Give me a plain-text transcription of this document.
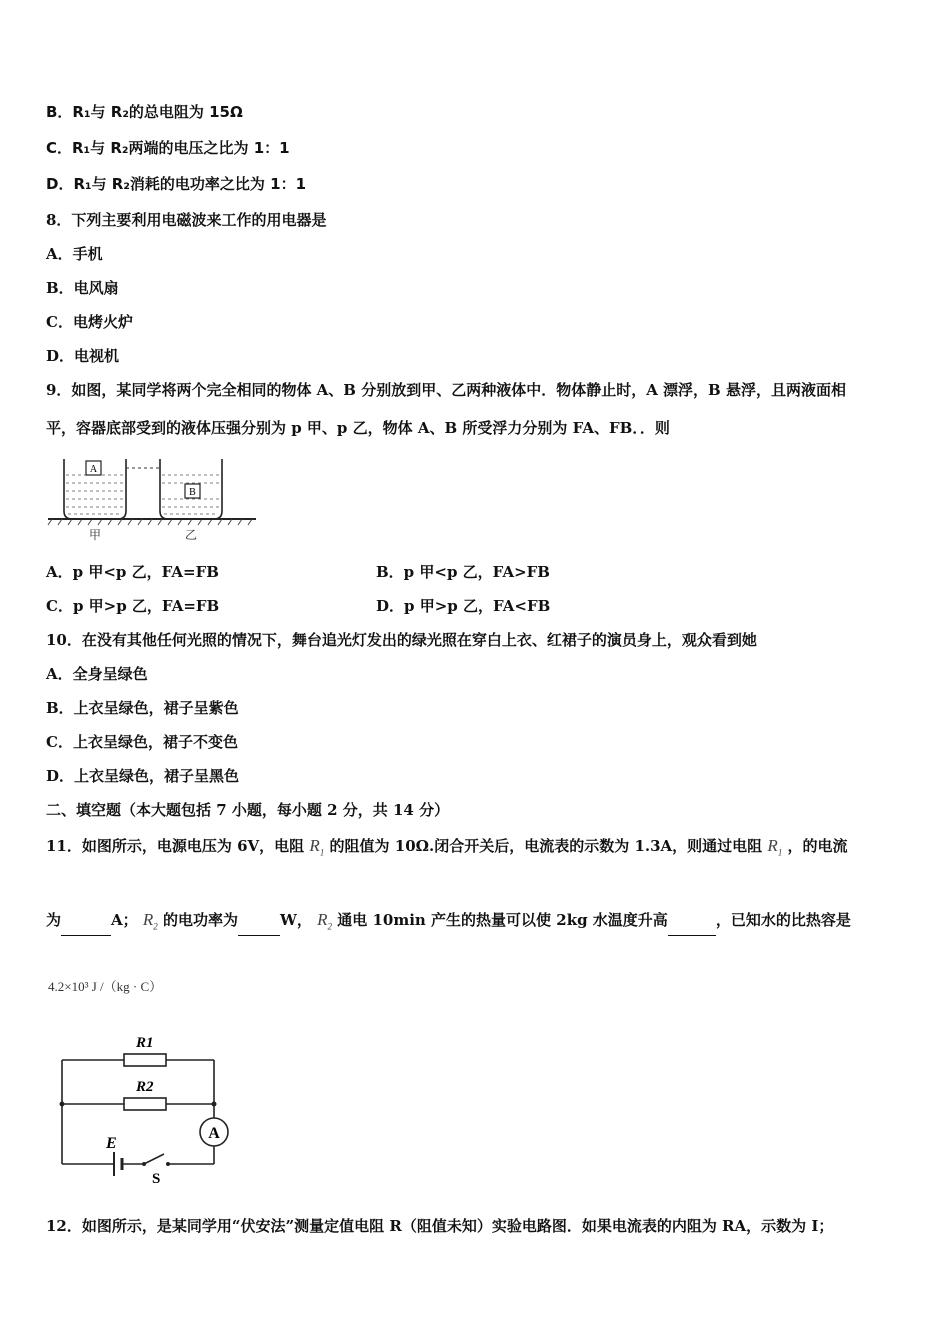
B．R₁与 R₂的总电阻为 15Ω
C．R₁与 R₂两端的电压之比为 1：1
D．R₁与 R₂消耗的电功率之比为 1：1
8．下列主要利用电磁波来工作的用电器是
A．手机
B．电风扇
C．电烤火炉
D．电视机
9．如图，某同学将两个完全相同的物体 A、B 分别放到甲、乙两种液体中．物体静止时，A 漂浮，B 悬浮，且两液面相
平，容器底部受到的液体压强分别为 p 甲、p 乙，物体 A、B 所受浮力分别为 FA、FB．．则
A
B
甲	乙
A．p 甲<p 乙，FA=FB	B．p 甲<p 乙，FA>FB
C．p 甲>p 乙，FA=FB	D．p 甲>p 乙，FA<FB
10．在没有其他任何光照的情况下，舞台追光灯发出的绿光照在穿白上衣、红裙子的演员身上，观众看到她
A．全身呈绿色
B．上衣呈绿色，裙子呈紫色
C．上衣呈绿色，裙子不变色
D．上衣呈绿色，裙子呈黑色
二、填空题（本大题包括 7 小题，每小题 2 分，共 14 分）
11．如图所示，电源电压为 6V，电阻 $R_1$ 的阻值为 10Ω.闭合开关后，电流表的示数为 1.3A，则通过电阻 $R_1$ ，的电流
为	A； $R_2$ 的电功率为	W， $R_2$ 通电 10min 产生的热量可以使 2kg 水温度升高	，已知水的比热容是
4.2×10³ J /（kg · C）
R1
R2
A
E
S
12．如图所示，是某同学用“伏安法”测量定值电阻 R（阻值未知）实验电路图．如果电流表的内阻为 RA，示数为 I；
